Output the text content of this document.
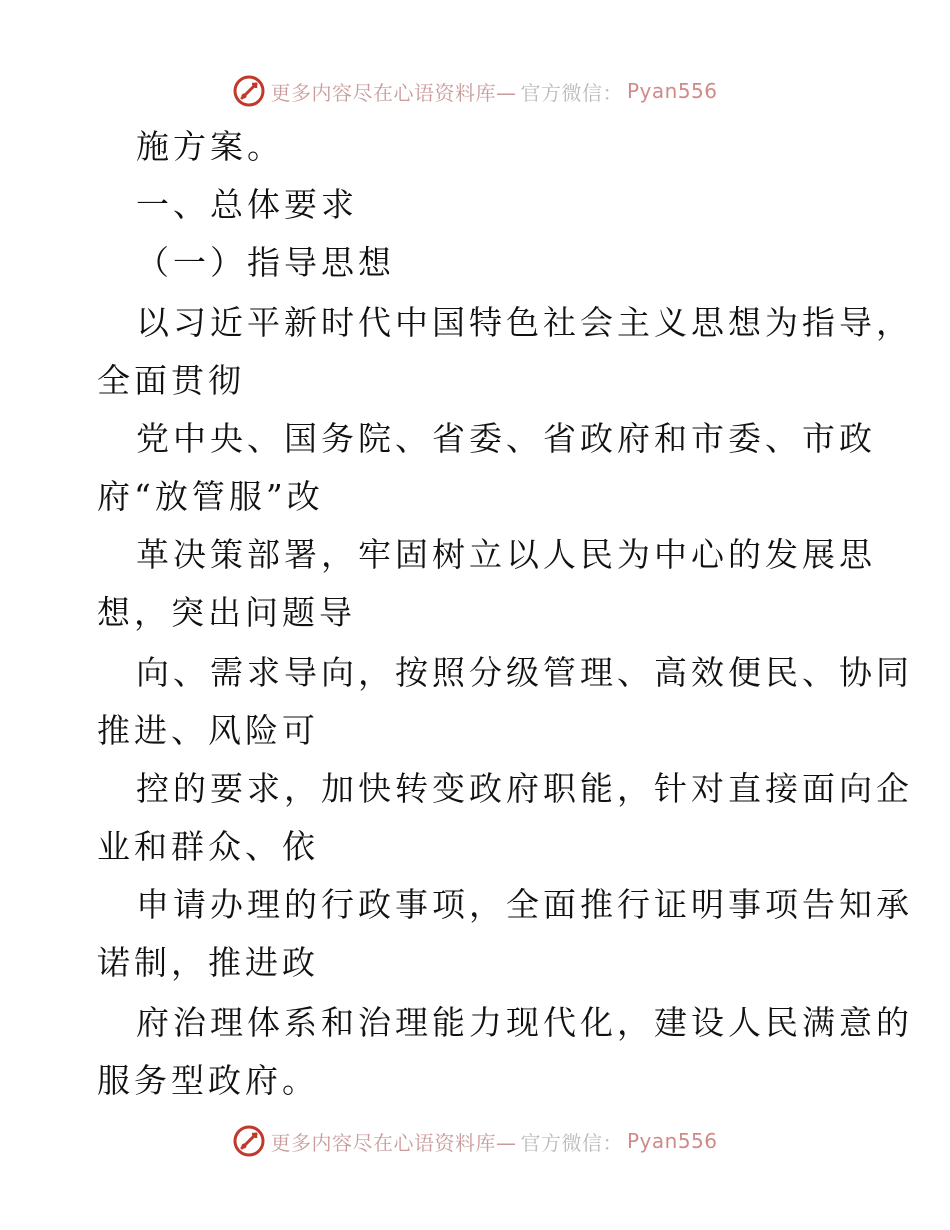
更多内容尽在心语资料库— 官方微信： Pyan556
施方案。
一、总体要求
（一）指导思想
以习近平新时代中国特色社会主义思想为指导，
全面贯彻
党中央、国务院、省委、省政府和市委、市政
府“放管服”改
革决策部署，牢固树立以人民为中心的发展思
想，突出问题导
向、需求导向，按照分级管理、高效便民、协同
推进、风险可
控的要求，加快转变政府职能，针对直接面向企
业和群众、依
申请办理的行政事项，全面推行证明事项告知承
诺制，推进政
府治理体系和治理能力现代化，建设人民满意的
服务型政府。
更多内容尽在心语资料库— 官方微信： Pyan556
